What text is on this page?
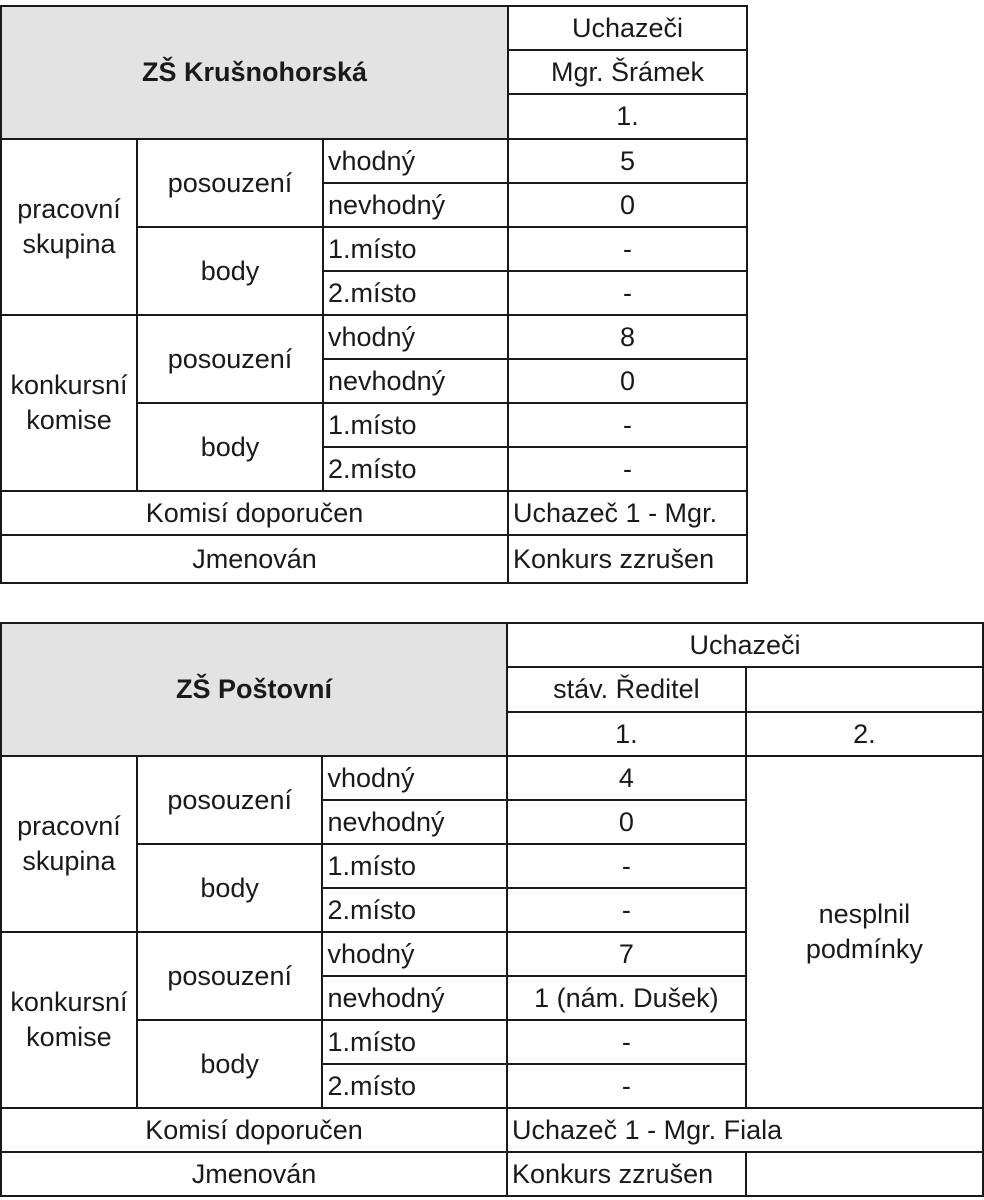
ZŠ Krušnohorská			Uchazeči
			Mgr. Šrámek
			1.
pracovní
skupina	posouzení	vhodný	5
		nevhodný	0
	body	1.místo	-
		2.místo	-
konkursní
komise	posouzení	vhodný	8
		nevhodný	0
	body	1.místo	-
		2.místo	-
Komisí doporučen			Uchazeč 1 - Mgr.
Jmenován			Konkurs zzrušen
ZŠ Poštovní			Uchazeči	
			stáv. Ředitel	
			1.	2.
pracovní
skupina	posouzení	vhodný	4	nesplnil
podmínky
		nevhodný	0	
	body	1.místo	-	
		2.místo	-	
konkursní
komise	posouzení	vhodný	7	
		nevhodný	1 (nám. Dušek)	
	body	1.místo	-	
		2.místo	-	
Komisí doporučen			Uchazeč 1 - Mgr. Fiala	
Jmenován			Konkurs zzrušen	
